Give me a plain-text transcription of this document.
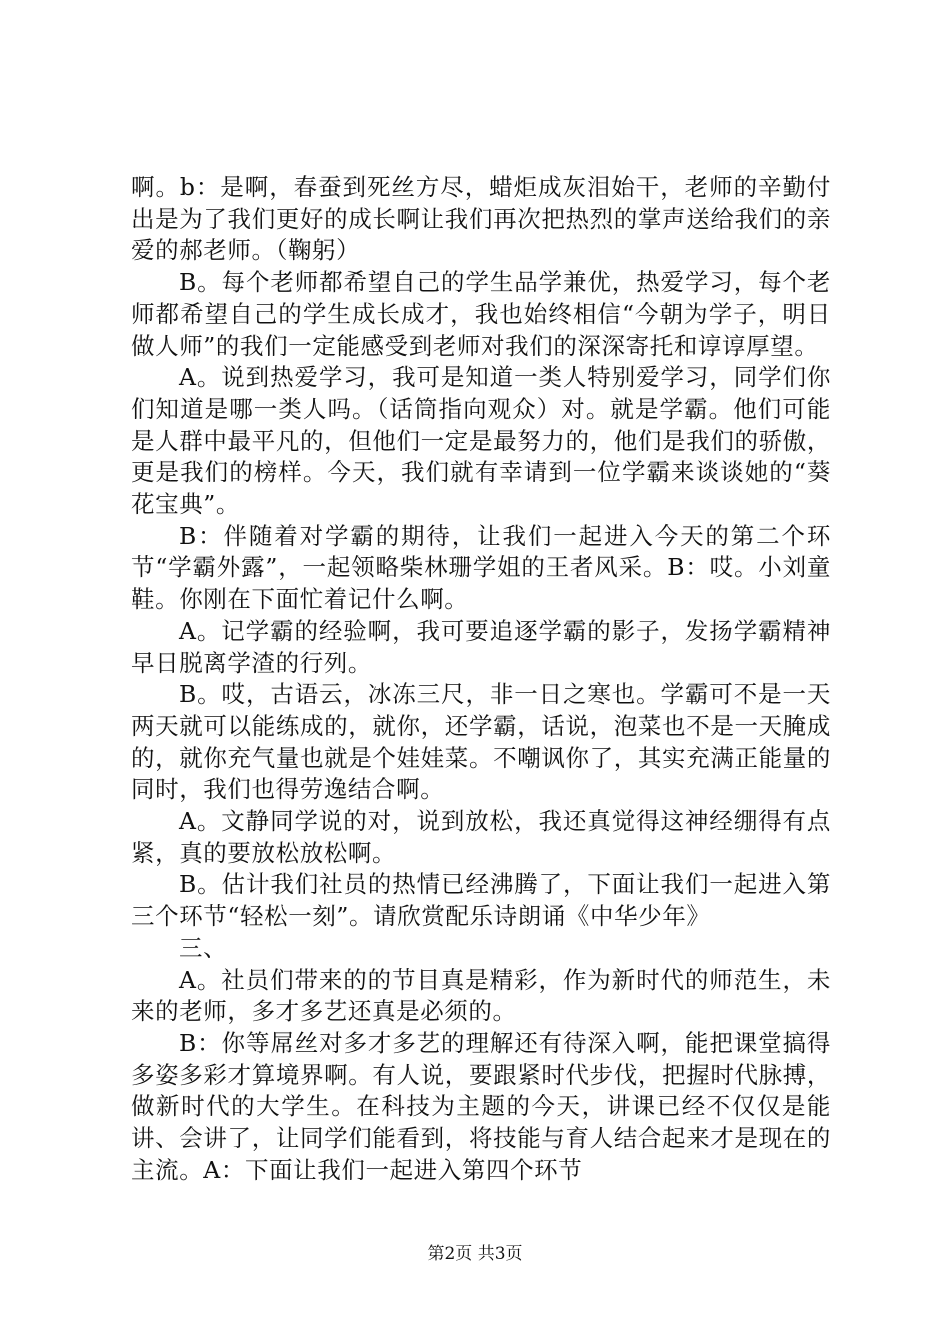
啊。b：是啊，春蚕到死丝方尽，蜡炬成灰泪始干，老师的辛勤付出是为了我们更好的成长啊让我们再次把热烈的掌声送给我们的亲爱的郝老师。（鞠躬）

B。每个老师都希望自己的学生品学兼优，热爱学习，每个老师都希望自己的学生成长成才，我也始终相信“今朝为学子，明日做人师”的我们一定能感受到老师对我们的深深寄托和谆谆厚望。

A。说到热爱学习，我可是知道一类人特别爱学习，同学们你们知道是哪一类人吗。（话筒指向观众）对。就是学霸。他们可能是人群中最平凡的，但他们一定是最努力的，他们是我们的骄傲，更是我们的榜样。今天，我们就有幸请到一位学霸来谈谈她的“葵花宝典”。

B：伴随着对学霸的期待，让我们一起进入今天的第二个环节“学霸外露”，一起领略柴林珊学姐的王者风采。B：哎。小刘童鞋。你刚在下面忙着记什么啊。

A。记学霸的经验啊，我可要追逐学霸的影子，发扬学霸精神早日脱离学渣的行列。

B。哎，古语云，冰冻三尺，非一日之寒也。学霸可不是一天两天就可以能练成的，就你，还学霸，话说，泡菜也不是一天腌成的，就你充气量也就是个娃娃菜。不嘲讽你了，其实充满正能量的同时，我们也得劳逸结合啊。

A。文静同学说的对，说到放松，我还真觉得这神经绷得有点紧，真的要放松放松啊。

B。估计我们社员的热情已经沸腾了，下面让我们一起进入第三个环节“轻松一刻”。请欣赏配乐诗朗诵《中华少年》

三、

A。社员们带来的的节目真是精彩，作为新时代的师范生，未来的老师，多才多艺还真是必须的。

B：你等屌丝对多才多艺的理解还有待深入啊，能把课堂搞得多姿多彩才算境界啊。有人说，要跟紧时代步伐，把握时代脉搏，做新时代的大学生。在科技为主题的今天，讲课已经不仅仅是能讲、会讲了，让同学们能看到，将技能与育人结合起来才是现在的主流。A：下面让我们一起进入第四个环节

第2页 共3页
